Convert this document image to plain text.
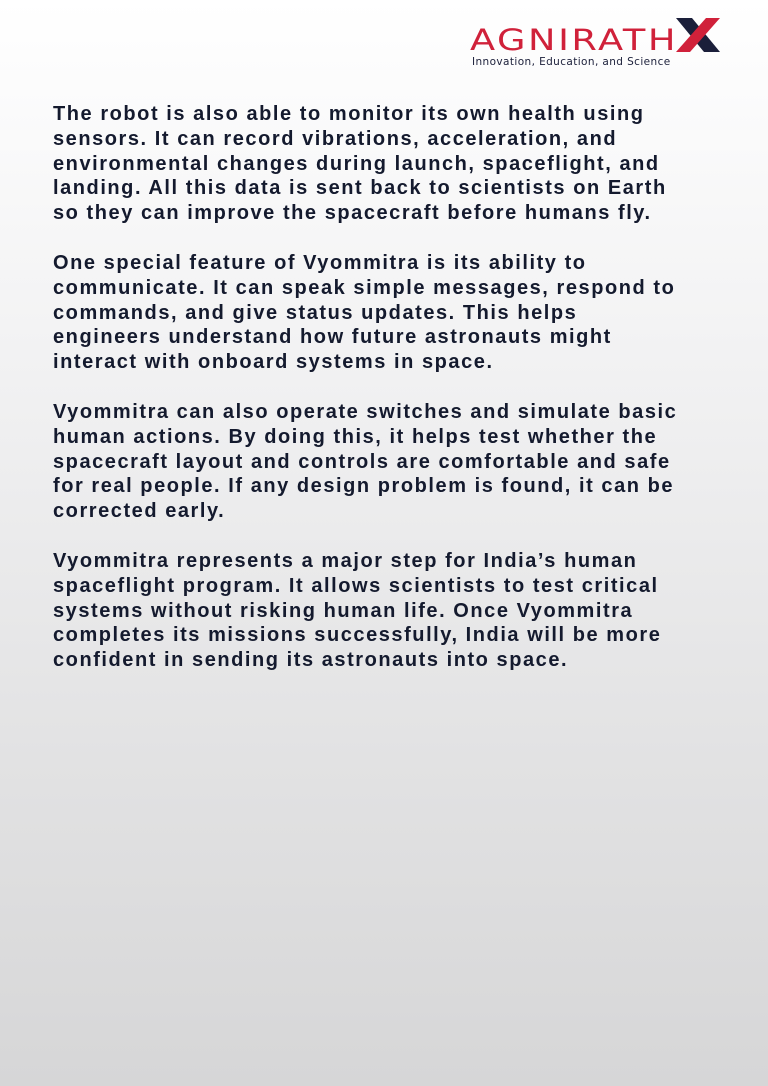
AGNIRATH
Innovation, Education, and Science

The robot is also able to monitor its own health using
sensors. It can record vibrations, acceleration, and
environmental changes during launch, spaceflight, and
landing. All this data is sent back to scientists on Earth
so they can improve the spacecraft before humans fly.

One special feature of Vyommitra is its ability to
communicate. It can speak simple messages, respond to
commands, and give status updates. This helps
engineers understand how future astronauts might
interact with onboard systems in space.

Vyommitra can also operate switches and simulate basic
human actions. By doing this, it helps test whether the
spacecraft layout and controls are comfortable and safe
for real people. If any design problem is found, it can be
corrected early.

Vyommitra represents a major step for India’s human
spaceflight program. It allows scientists to test critical
systems without risking human life. Once Vyommitra
completes its missions successfully, India will be more
confident in sending its astronauts into space.
